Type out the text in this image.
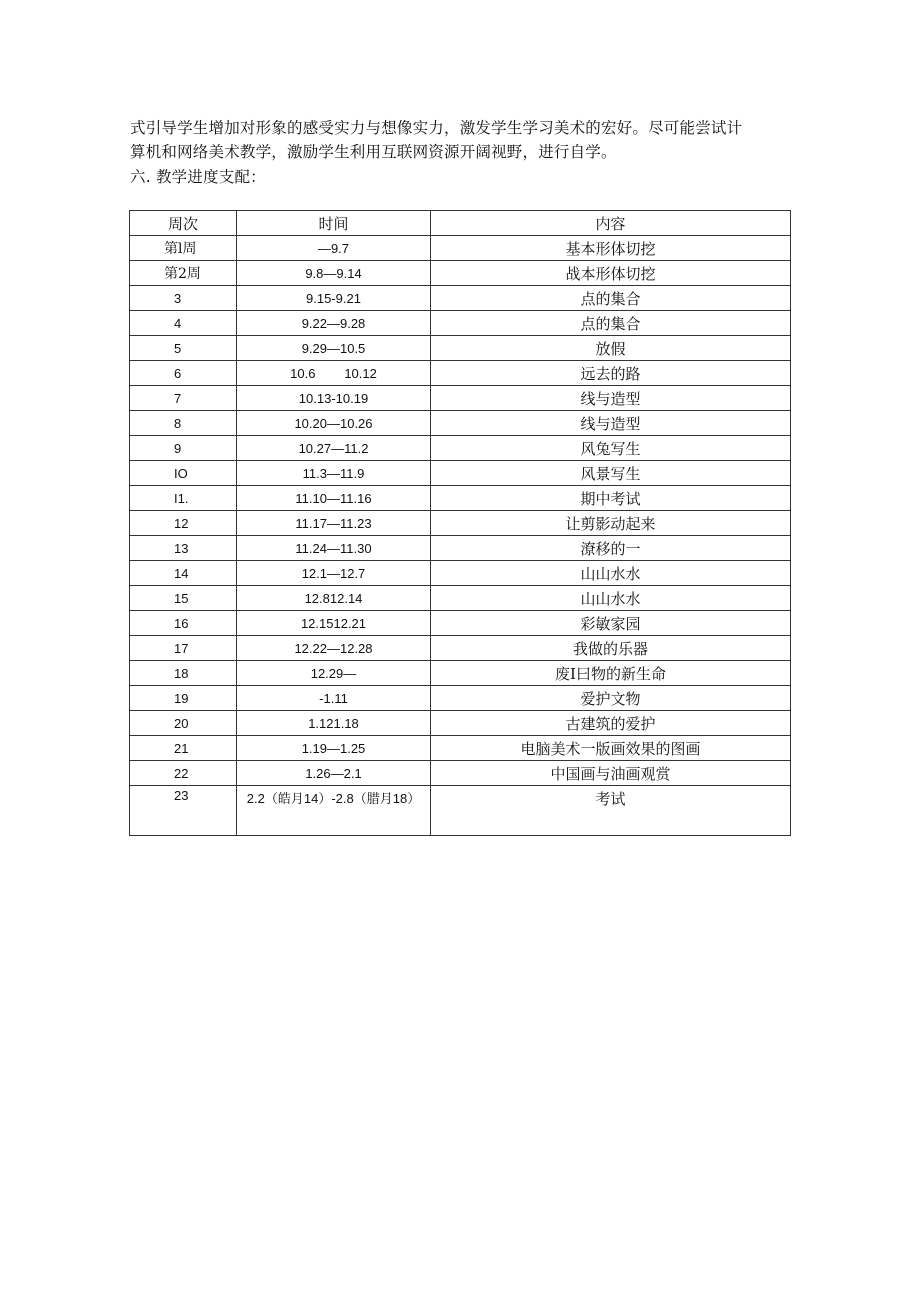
式引导学生增加对形象的感受实力与想像实力，激发学生学习美术的宏好。尽可能尝试计
算机和网络美术教学，激励学生利用互联网资源开阔视野，进行自学。
六. 教学进度支配：
周次	时间	内容
第l周	—9.7	基本形体切挖
第2周	9.8—9.14	战本形体切挖
3	9.15-9.21	点的集合
4	9.22—9.28	点的集合
5	9.29—10.5	放假
6	10.6        10.12	远去的路
7	10.13-10.19	线与造型
8	10.20—10.26	线与造型
9	10.27—11.2	风兔写生
IO	11.3—11.9	风景写生
I1.	11.10—11.16	期中考试
12	11.17—11.23	让剪影动起来
13	11.24—11.30	潦移的一
14	12.1—12.7	山山水水
15	12.812.14	山山水水
16	12.1512.21	彩敏家园
17	12.22—12.28	我做的乐器
18	12.29—	废I曰物的新生命
19	-1.11	爱护文物
20	1.121.18	古建筑的爱护
21	1.19—1.25	电脑美术一版画效果的图画
22	1.26—2.1	中国画与油画观赏
23	2.2（皓月14）-2.8（腊月18）	考试
